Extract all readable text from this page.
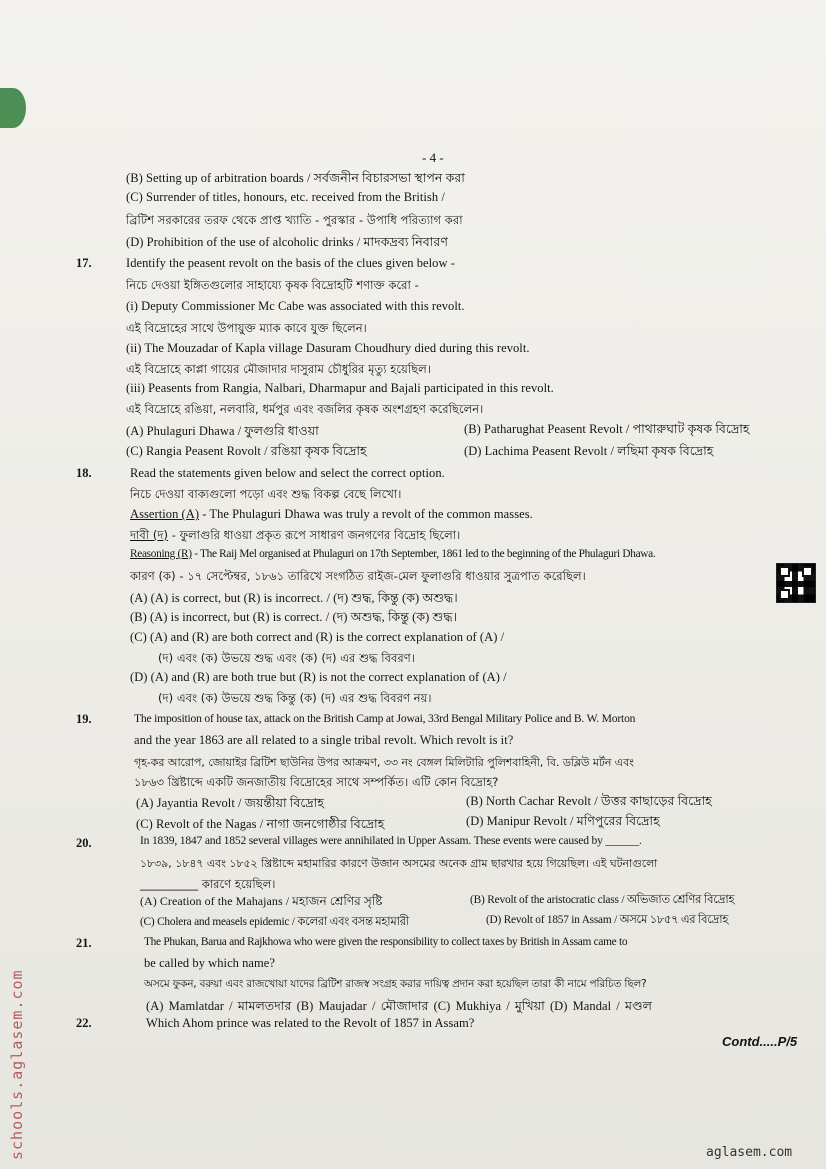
- 4 -
(B) Setting up of arbitration boards / সর্বজনীন বিচারসভা স্থাপন করা
(C) Surrender of titles, honours, etc. received from the British /
ব্রিটিশ সরকারের তরফ থেকে প্রাপ্ত খ্যাতি - পুরস্কার - উপাধি পরিত্যাগ করা
(D) Prohibition of the use of alcoholic drinks / মাদকদ্রব্য নিবারণ
17.	Identify the peasent revolt on the basis of the clues given below -
নিচে দেওয়া ইঙ্গিতগুলোর সাহায্যে কৃষক বিদ্রোহটি শণাক্ত করো -
(i) Deputy Commissioner Mc Cabe was associated with this revolt.
এই বিদ্রোহের সাথে উপায়ুক্ত ম্যাক কাবে যুক্ত ছিলেন।
(ii) The Mouzadar of Kapla village Dasuram Choudhury died during this revolt.
এই বিদ্রোহে কাপ্লা গায়ের মৌজাদার দাসুরাম চৌধুরির মৃত্যু হয়েছিল।
(iii) Peasents from Rangia, Nalbari, Dharmapur and Bajali participated in this revolt.
এই বিদ্রোহে রঙিয়া, নলবারি, ধর্মপুর এবং বজলির কৃষক অংশগ্রহণ করেছিলেন।
(A) Phulaguri Dhawa / ফুলগুরি ধাওয়া	(B) Patharughat Peasent Revolt / পাথারুঘাট কৃষক বিদ্রোহ
(C) Rangia Peasent Rovolt / রঙিয়া কৃষক বিদ্রোহ	(D) Lachima Peasent Revolt / লছিমা কৃষক বিদ্রোহ
18.	Read the statements given below and select the correct option.
নিচে দেওয়া বাক্যগুলো পড়ো এবং শুদ্ধ বিকল্প বেছে লিখো।
Assertion (A) - The Phulaguri Dhawa was truly a revolt of the common masses.
দাবী (দ) - ফুলাগুরি ধাওয়া প্রকৃত রূপে সাধারণ জনগণের বিদ্রোহ ছিলো।
Reasoning (R) - The Raij Mel organised at Phulaguri on 17th September, 1861 led to the beginning of the Phulaguri Dhawa.
কারণ (ক) - ১৭ সেপ্টেম্বর, ১৮৬১ তারিখে সংগঠিত রাইজ-মেল ফুলাগুরি ধাওয়ার সুত্রপাত করেছিল।
(A) (A) is correct, but (R) is incorrect. / (দ) শুদ্ধ, কিন্তু (ক) অশুদ্ধ।
(B) (A) is incorrect, but (R) is correct. / (দ) অশুদ্ধ, কিন্তু (ক) শুদ্ধ।
(C) (A) and (R) are both correct and (R) is the correct explanation of (A) /
(দ) এবং (ক) উভয়ে শুদ্ধ এবং (ক) (দ) এর শুদ্ধ বিবরণ।
(D) (A) and (R) are both true but (R) is not the correct explanation of (A) /
(দ) এবং (ক) উভয়ে শুদ্ধ কিন্তু (ক) (দ) এর শুদ্ধ বিবরণ নয়।
19.	The imposition of house tax, attack on the British Camp at Jowai, 33rd Bengal Military Police and B. W. Morton
and the year 1863 are all related to a single tribal revolt. Which revolt is it?
গৃহ-কর আরোপ, জোয়াইর ব্রিটিশ ছাউনির উপর আক্রমণ, ৩৩ নং বেঙ্গল মিলিটারি পুলিশবাহিনী, বি. ডব্লিউ মর্টন এবং
১৮৬৩ খ্রিষ্টাব্দে একটি জনজাতীয় বিদ্রোহের সাথে সম্পর্কিত। এটি কোন বিদ্রোহ?
(A) Jayantia Revolt / জয়ন্তীয়া বিদ্রোহ	(B) North Cachar Revolt / উত্তর কাছাড়ের বিদ্রোহ
(C) Revolt of the Nagas / নাগা জনগোষ্ঠীর বিদ্রোহ	(D) Manipur Revolt / মণিপুরের বিদ্রোহ
20.	In 1839, 1847 and 1852 several villages were annihilated in Upper Assam. These events were caused by ______.
১৮৩৯, ১৮৪৭ এবং ১৮৫২ খ্রিষ্টাব্দে মহামারির কারণে উজান অসমের অনেক গ্রাম ছারখার হয়ে গিয়েছিল। এই ঘটনাগুলো
__________ কারণে হয়েছিল।
(A) Creation of the Mahajans / মহাজন শ্রেণির সৃষ্টি	(B) Revolt of the aristocratic class / অভিজাত শ্রেণির বিদ্রোহ
(C) Cholera and measels epidemic / কলেরা এবং বসন্ত মহামারী	(D) Revolt of 1857 in Assam / অসমে ১৮৫৭ এর বিদ্রোহ
21.	The Phukan, Barua and Rajkhowa who were given the responsibility to collect taxes by British in Assam came to
be called by which name?
অসমে ফুকন, বরুয়া এবং রাজখোয়া যাদের ব্রিটিশ রাজস্ব সংগ্রহ করার দায়িত্ব প্রদান করা হয়েছিল তারা কী নামে পরিচিত ছিল?
(A) Mamlatdar / মামলতদার (B) Maujadar / মৌজাদার (C) Mukhiya / মুখিয়া (D) Mandal / মণ্ডল
22.	Which Ahom prince was related to the Revolt of 1857 in Assam?
Contd.....P/5
schools.aglasem.com	aglasem.com
